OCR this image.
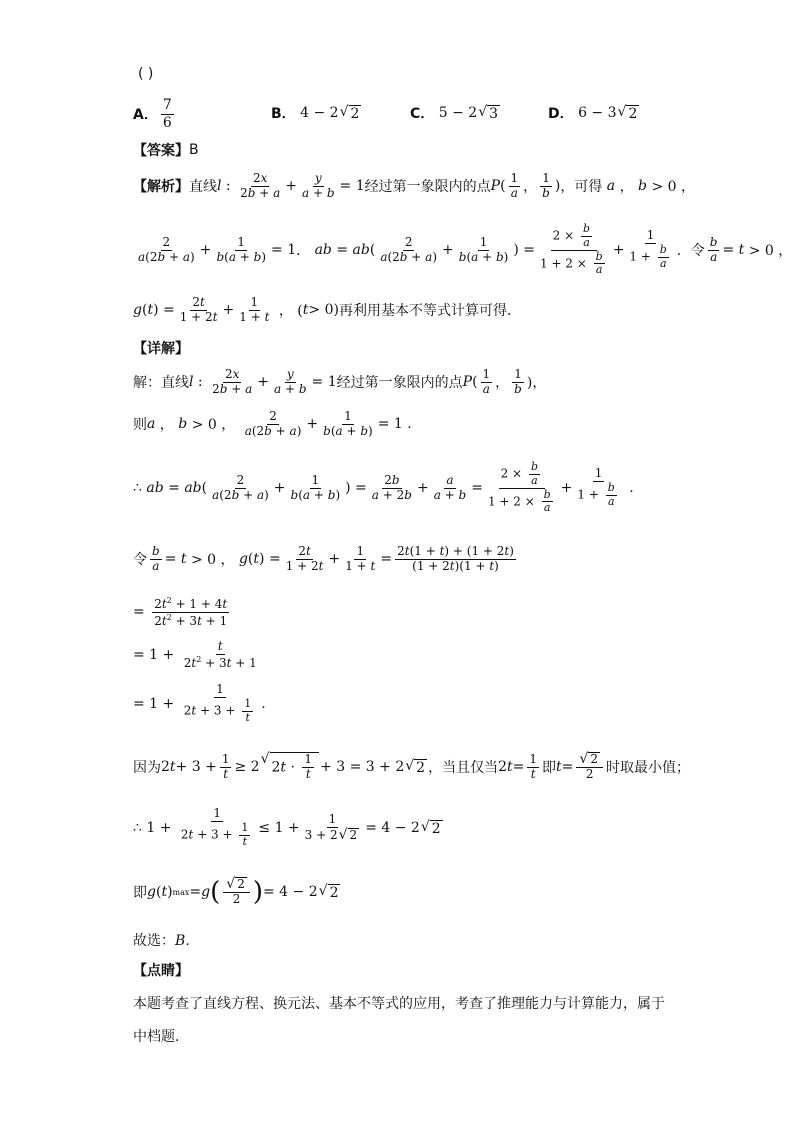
( )
A． $\frac{7}{6}$	B． 4 − 2 √ 2	C． 5 − 2 √ 3	D． 6 − 3 √ 2
【答案】 B
【解析】 直线 l : $\frac{2x}{2b + a} + \frac{y}{a + b} = 1$ 经过第一象限内的点 P ( $\frac{1}{a}$ ， $\frac{1}{b}$ ) ，可得 a ， b > 0 ，
$\frac{2}{a(2b + a)} + \frac{1}{b(a + b)} = 1$ ． ab = $ab( \frac{2}{a(2b + a)} + \frac{1}{b(a + b)}$ ) = $\frac{2 \times \frac{b}{a}}{1 + 2 \times \frac{b}{a}} + \frac{1}{1 + \frac{b}{a}}$ ．令 $\frac{b}{a} = t > 0$ ，
$g(t) = \frac{2t}{1 + 2t} + \frac{1}{1 + t}$ ， ( t > 0) 再利用基本不等式计算可得．
【详解】
解：直线 l : $\frac{2x}{2b + a} + \frac{y}{a + b} = 1$ 经过第一象限内的点 P ( $\frac{1}{a}$ ， $\frac{1}{b}$ )，
则 a ， b > 0 ， $\frac{2}{a(2b + a)} + \frac{1}{b(a + b)} = 1$ .
∴ ab = $ab( \frac{2}{a(2b + a)} + \frac{1}{b(a + b)}$ ) = $\frac{2b}{a + 2b} + \frac{a}{a + b} = \frac{2 \times \frac{b}{a}}{1 + 2 \times \frac{b}{a}} + \frac{1}{1 + \frac{b}{a}}$ .
令 $\frac{b}{a} = t > 0$ ， g ( t ) = $\frac{2t}{1 + 2t} + \frac{1}{1 + t} = \frac{2t(1 + t) + (1 + 2t)}{(1 + 2t)(1 + t)}$
= $\frac{2t^2 + 1 + 4t}{2t^2 + 3t + 1}$
= $1 + \frac{t}{2t^2 + 3t + 1}$
= $1 + \frac{1}{2t + 3 + \frac{1}{t}}$ .
因为 2 $t + 3 + \frac{1}{t} \ge 2$ √
$2t \cdot \frac{1}{t} + 3 = 3 + 2$ √ 2 ，当且仅当 2 $t = \frac{1}{t}$ 即 $t = \frac{√ 2}{2}$ 时取最小值；
∴ $1 + \frac{1}{2t + 3 + \frac{1}{t}} \le 1 + \frac{1}{3 + 2 √ 2} = 4 - 2$ √ 2
即 g ( t ) max = g ( $\frac{√ 2}{2}$ ) = 4 − 2 √ 2
故选： B．
【点睛】
本题考查了直线方程、换元法、基本不等式的应用，考查了推理能力与计算能力，属于
中档题．
